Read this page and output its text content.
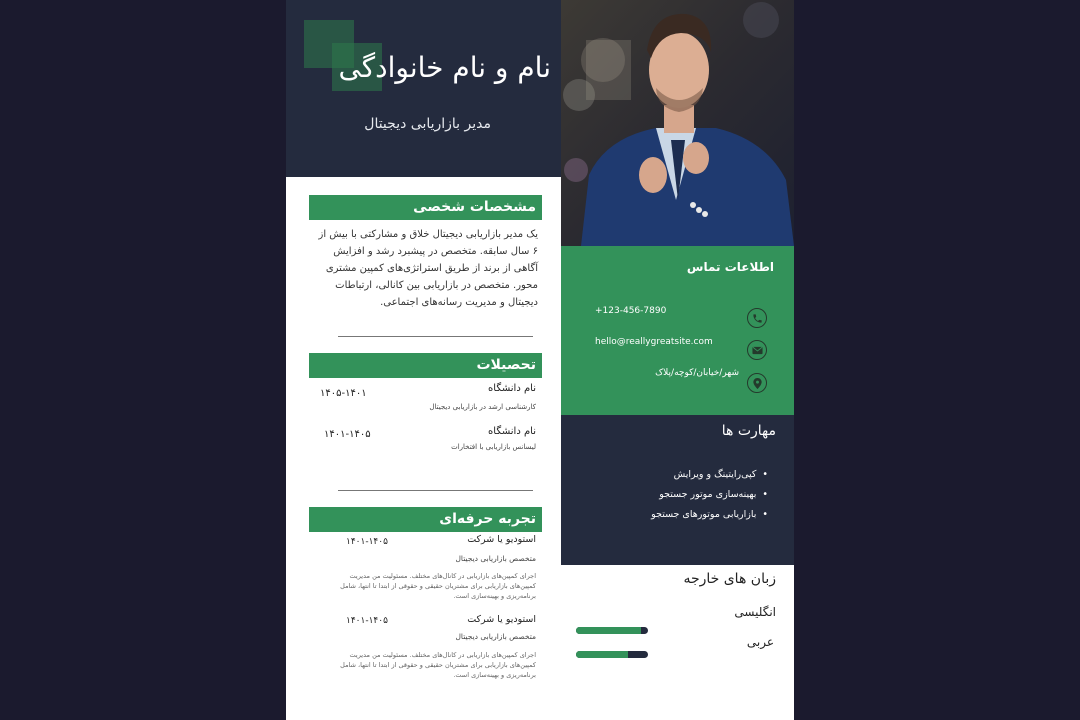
نام و نام خانوادگی
مدیر بازاریابی دیجیتال
مشخصات شخصی
یک مدیر بازاریابی دیجیتال خلاق و مشارکتی با بیش از ۶ سال سابقه. متخصص در پیشبرد رشد و افزایش آگاهی از برند از طریق استراتژی‌های کمپین مشتری محور. متخصص در بازاریابی بین کانالی، ارتباطات دیجیتال و مدیریت رسانه‌های اجتماعی.
تحصیلات
نام دانشگاه
کارشناسی ارشد در بازاریابی دیجیتال
۱۴۰۵-۱۴۰۱
نام دانشگاه
لیسانس بازاریابی با افتخارات
۱۴۰۱-۱۴۰۵
تجربه حرفه‌ای
استودیو یا شرکت
متخصص بازاریابی دیجیتال
۱۴۰۱-۱۴۰۵
اجرای کمپین‌های بازاریابی در کانال‌های مختلف. مسئولیت من مدیریت کمپین‌های بازاریابی برای مشتریان حقیقی و حقوقی از ابتدا تا انتها، شامل برنامه‌ریزی و بهینه‌سازی است.
استودیو یا شرکت
متخصص بازاریابی دیجیتال
۱۴۰۱-۱۴۰۵
اجرای کمپین‌های بازاریابی در کانال‌های مختلف. مسئولیت من مدیریت کمپین‌های بازاریابی برای مشتریان حقیقی و حقوقی از ابتدا تا انتها، شامل برنامه‌ریزی و بهینه‌سازی است.
اطلاعات تماس
+123-456-7890
hello@reallygreatsite.com
شهر/خیابان/کوچه/پلاک
مهارت ها
• کپی‌رایتینگ و ویرایش
• بهینه‌سازی موتور جستجو
• بازاریابی موتورهای جستجو
زبان های خارجه
انگلیسی
عربی
